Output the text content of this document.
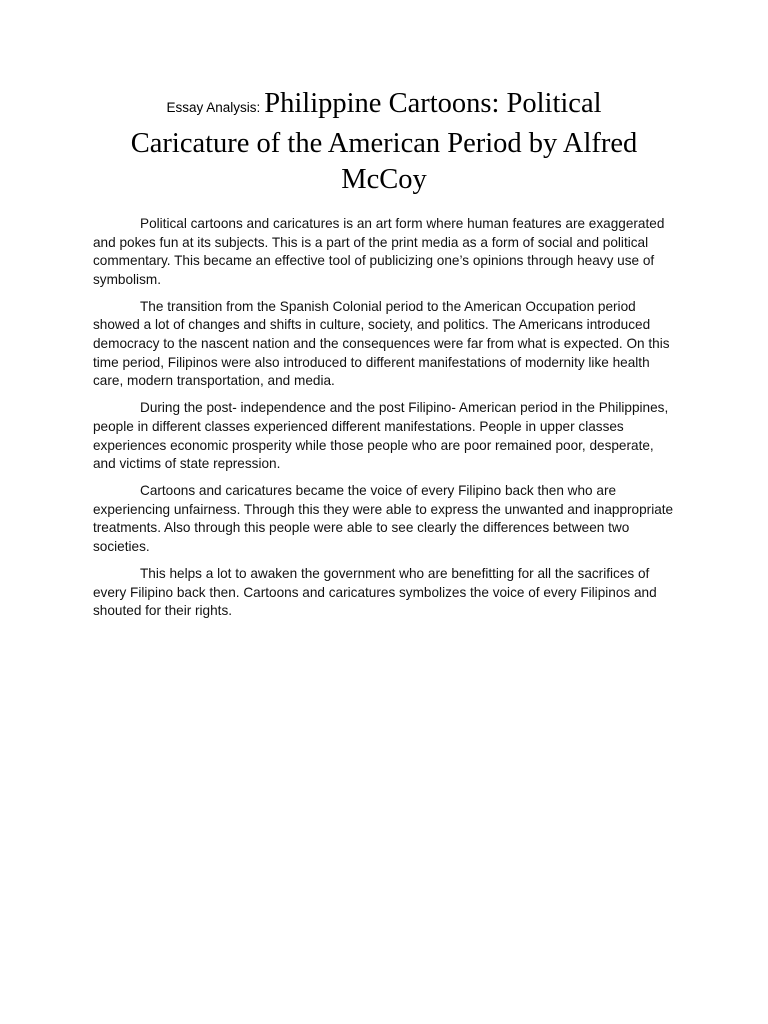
Essay Analysis: Philippine Cartoons: Political
Caricature of the American Period by Alfred
McCoy

Political cartoons and caricatures is an art form where human features are exaggerated and pokes fun at its subjects. This is a part of the print media as a form of social and political commentary. This became an effective tool of publicizing one’s opinions through heavy use of symbolism.

The transition from the Spanish Colonial period to the American Occupation period showed a lot of changes and shifts in culture, society, and politics. The Americans introduced democracy to the nascent nation and the consequences were far from what is expected. On this time period, Filipinos were also introduced to different manifestations of modernity like health care, modern transportation, and media.

During the post- independence and the post Filipino- American period in the Philippines, people in different classes experienced different manifestations. People in upper classes experiences economic prosperity while those people who are poor remained poor, desperate, and victims of state repression.

Cartoons and caricatures became the voice of every Filipino back then who are experiencing unfairness. Through this they were able to express the unwanted and inappropriate treatments. Also through this people were able to see clearly the differences between two societies.

This helps a lot to awaken the government who are benefitting for all the sacrifices of every Filipino back then. Cartoons and caricatures symbolizes the voice of every Filipinos and shouted for their rights.
